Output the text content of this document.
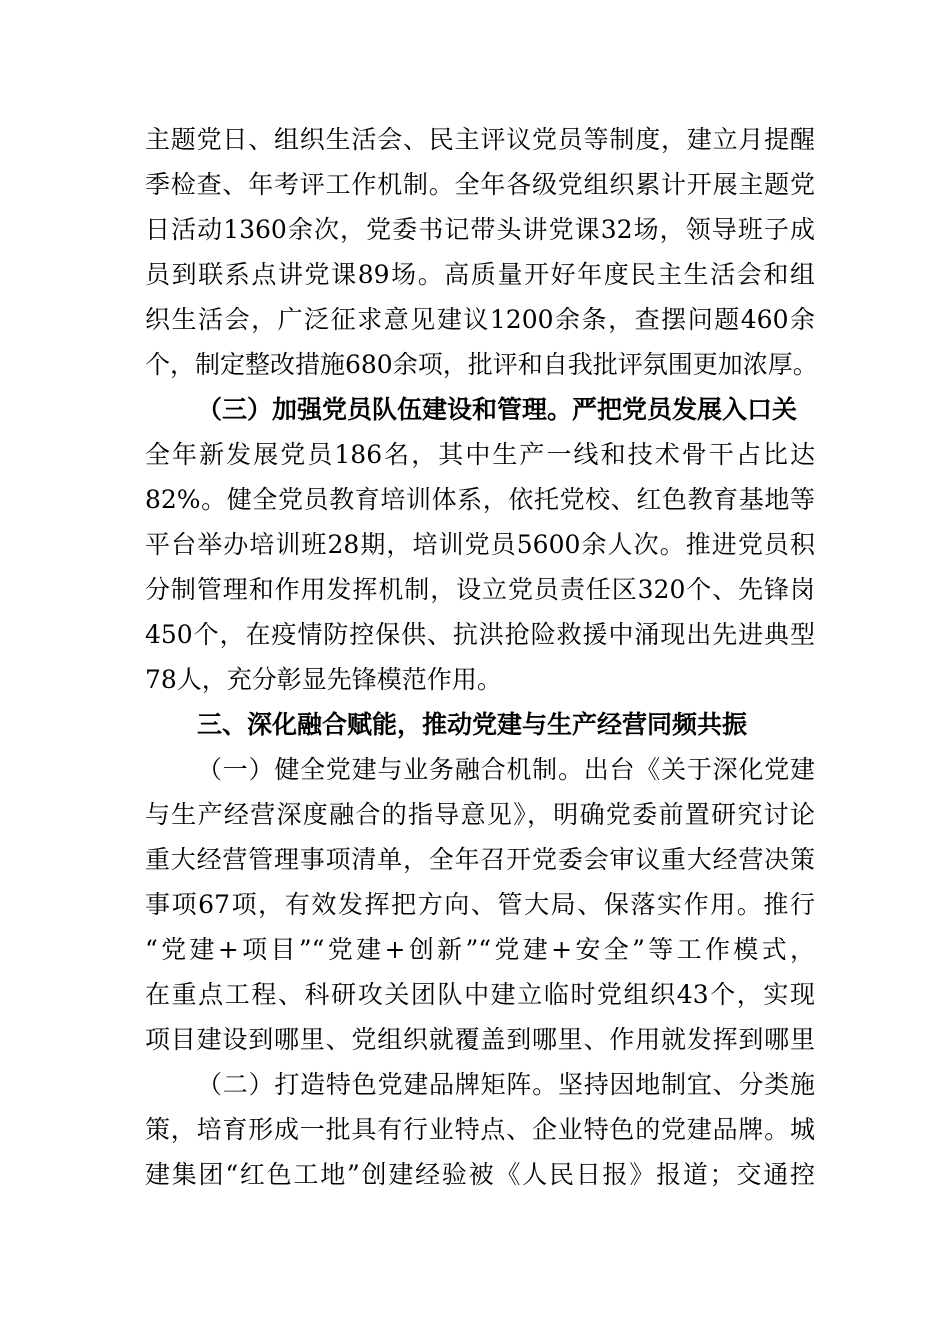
主题党日、组织生活会、民主评议党员等制度，建立月提醒
季检查、年考评工作机制。全年各级党组织累计开展主题党
日活动1360余次，党委书记带头讲党课32场，领导班子成
员到联系点讲党课89场。高质量开好年度民主生活会和组
织生活会，广泛征求意见建议1200余条，查摆问题460余
个，制定整改措施680余项，批评和自我批评氛围更加浓厚。
（三）加强党员队伍建设和管理。严把党员发展入口关
全年新发展党员186名，其中生产一线和技术骨干占比达
82%。健全党员教育培训体系，依托党校、红色教育基地等
平台举办培训班28期，培训党员5600余人次。推进党员积
分制管理和作用发挥机制，设立党员责任区320个、先锋岗
450个，在疫情防控保供、抗洪抢险救援中涌现出先进典型
78人，充分彰显先锋模范作用。
三、深化融合赋能，推动党建与生产经营同频共振
（一）健全党建与业务融合机制。出台《关于深化党建
与生产经营深度融合的指导意见》，明确党委前置研究讨论
重大经营管理事项清单，全年召开党委会审议重大经营决策
事项67项，有效发挥把方向、管大局、保落实作用。推行
“党建+项目”“党建+创新”“党建+安全”等工作模式，
在重点工程、科研攻关团队中建立临时党组织43个，实现
项目建设到哪里、党组织就覆盖到哪里、作用就发挥到哪里
（二）打造特色党建品牌矩阵。坚持因地制宜、分类施
策，培育形成一批具有行业特点、企业特色的党建品牌。城
建集团“红色工地”创建经验被《人民日报》报道；交通控
